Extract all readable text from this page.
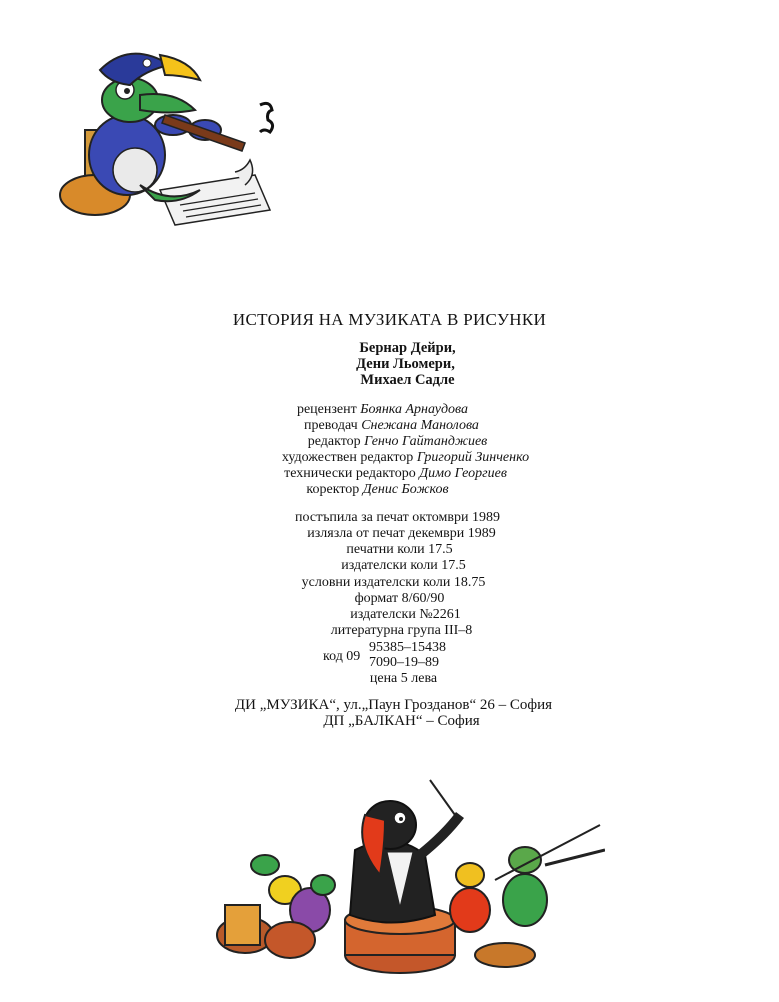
ИСТОРИЯ НА МУЗИКАТА В РИСУНКИ
Бернар Дейри,
Дени Льомери,
Михаел Садле
рецензент Боянка Арнаудова
преводач Снежана Манолова
редактор Генчо Гайтанджиев
художествен редактор Григорий Зинченко
технически редакторо Димо Георгиев
коректор Денис Божков
постъпила за печат октомври 1989
излязла от печат декември 1989
печатни коли 17.5
издателски коли 17.5
условни издателски коли 18.75
формат 8/60/90
издателски №2261
литературна група III–8
код 09
95385–15438
7090–19–89
цена 5 лева
ДИ „МУЗИКА“, ул.„Паун Грозданов“ 26 – София
ДП „БАЛКАН“ – София
